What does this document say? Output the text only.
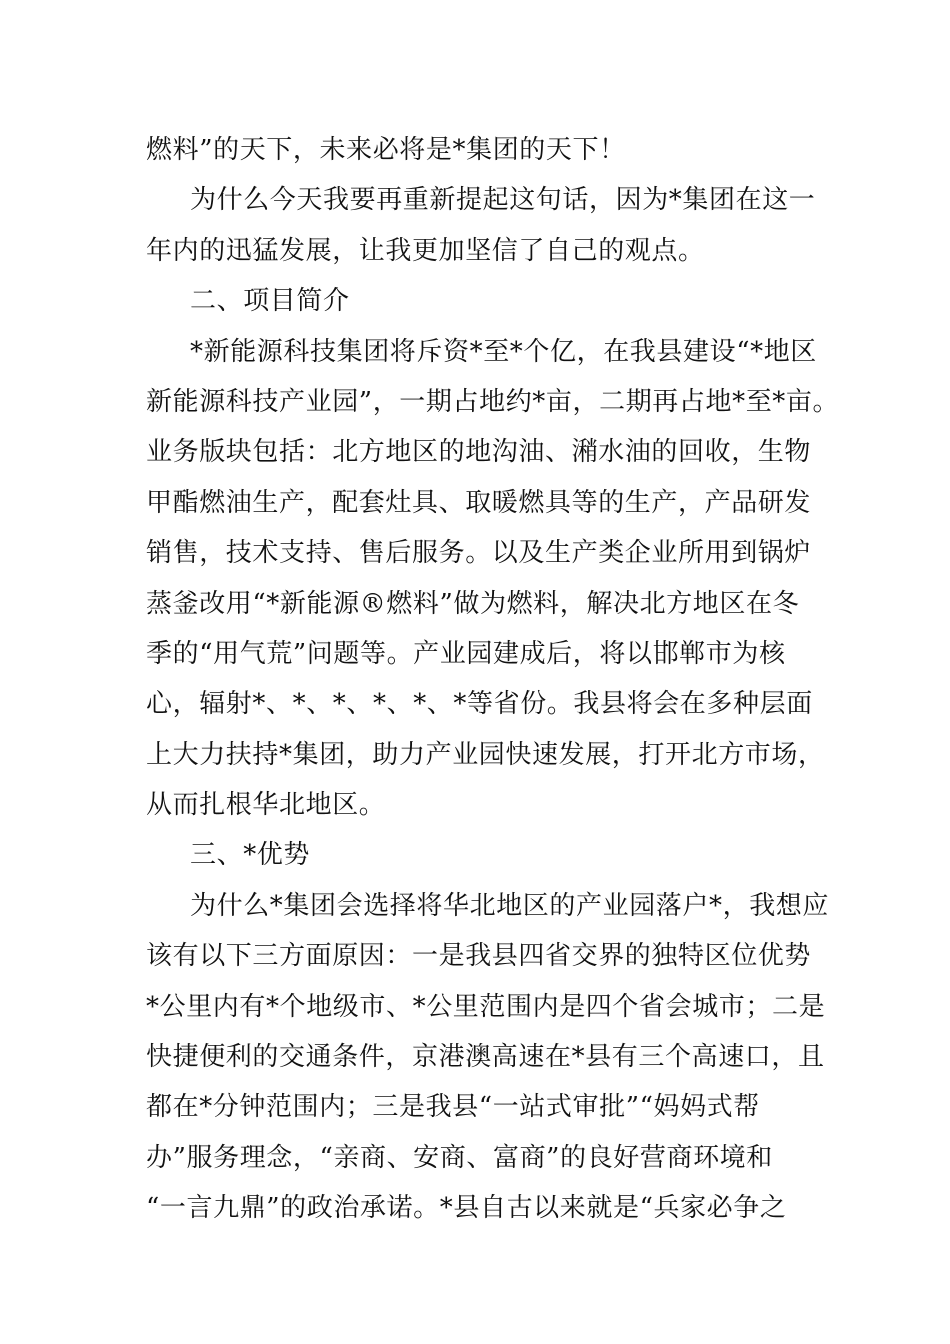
燃料”的天下，未来必将是*集团的天下！
为什么今天我要再重新提起这句话，因为*集团在这一
年内的迅猛发展，让我更加坚信了自己的观点。
二、项目简介
*新能源科技集团将斥资*至*个亿，在我县建设“*地区
新能源科技产业园”，一期占地约*亩，二期再占地*至*亩。
业务版块包括：北方地区的地沟油、潲水油的回收，生物
甲酯燃油生产，配套灶具、取暖燃具等的生产，产品研发
销售，技术支持、售后服务。以及生产类企业所用到锅炉
蒸釜改用“*新能源®燃料”做为燃料，解决北方地区在冬
季的“用气荒”问题等。产业园建成后，将以邯郸市为核
心，辐射*、*、*、*、*、*等省份。我县将会在多种层面
上大力扶持*集团，助力产业园快速发展，打开北方市场，
从而扎根华北地区。
三、*优势
为什么*集团会选择将华北地区的产业园落户*，我想应
该有以下三方面原因：一是我县四省交界的独特区位优势
*公里内有*个地级市、*公里范围内是四个省会城市；二是
快捷便利的交通条件，京港澳高速在*县有三个高速口，且
都在*分钟范围内；三是我县“一站式审批”“妈妈式帮
办”服务理念，“亲商、安商、富商”的良好营商环境和
“一言九鼎”的政治承诺。*县自古以来就是“兵家必争之
